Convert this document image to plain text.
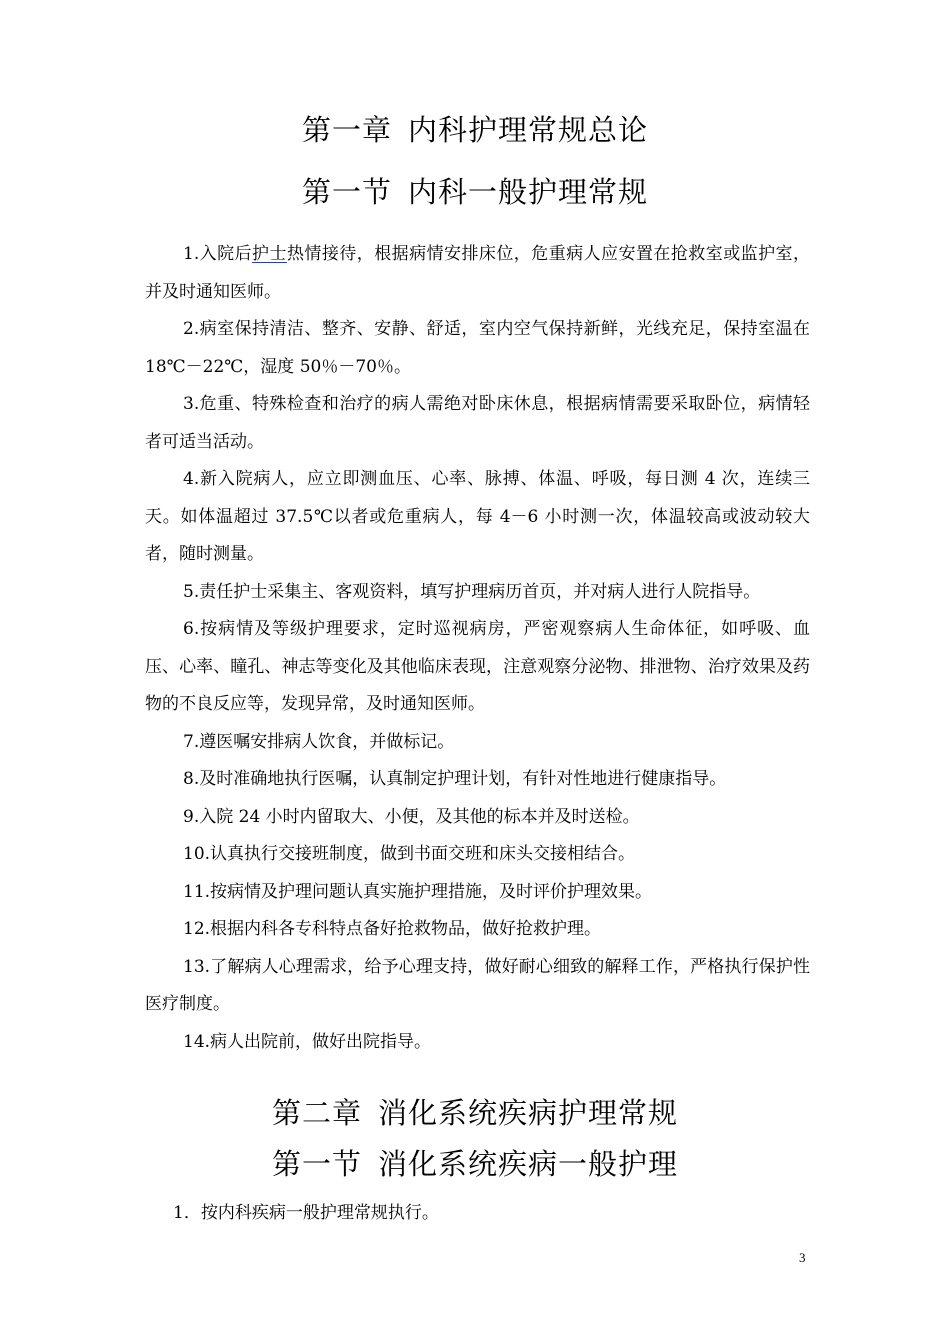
第一章 内科护理常规总论
第一节 内科一般护理常规

1.入院后护士热情接待，根据病情安排床位，危重病人应安置在抢救室或监护室，并及时通知医师。

2.病室保持清洁、整齐、安静、舒适，室内空气保持新鲜，光线充足，保持室温在 18℃－22℃，湿度 50％－70％。

3.危重、特殊检查和治疗的病人需绝对卧床休息，根据病情需要采取卧位，病情轻者可适当活动。

4.新入院病人，应立即测血压、心率、脉搏、体温、呼吸，每日测 4 次，连续三天。如体温超过 37.5℃以者或危重病人，每 4－6 小时测一次，体温较高或波动较大者，随时测量。

5.责任护士采集主、客观资料，填写护理病历首页，并对病人进行人院指导。

6.按病情及等级护理要求，定时巡视病房，严密观察病人生命体征，如呼吸、血压、心率、瞳孔、神志等变化及其他临床表现，注意观察分泌物、排泄物、治疗效果及药物的不良反应等，发现异常，及时通知医师。

7.遵医嘱安排病人饮食，并做标记。

8.及时准确地执行医嘱，认真制定护理计划，有针对性地进行健康指导。

9.入院 24 小时内留取大、小便，及其他的标本并及时送检。

10.认真执行交接班制度，做到书面交班和床头交接相结合。

11.按病情及护理问题认真实施护理措施，及时评价护理效果。

12.根据内科各专科特点备好抢救物品，做好抢救护理。

13.了解病人心理需求，给予心理支持，做好耐心细致的解释工作，严格执行保护性医疗制度。

14.病人出院前，做好出院指导。

第二章 消化系统疾病护理常规
第一节 消化系统疾病一般护理

1．按内科疾病一般护理常规执行。

3
